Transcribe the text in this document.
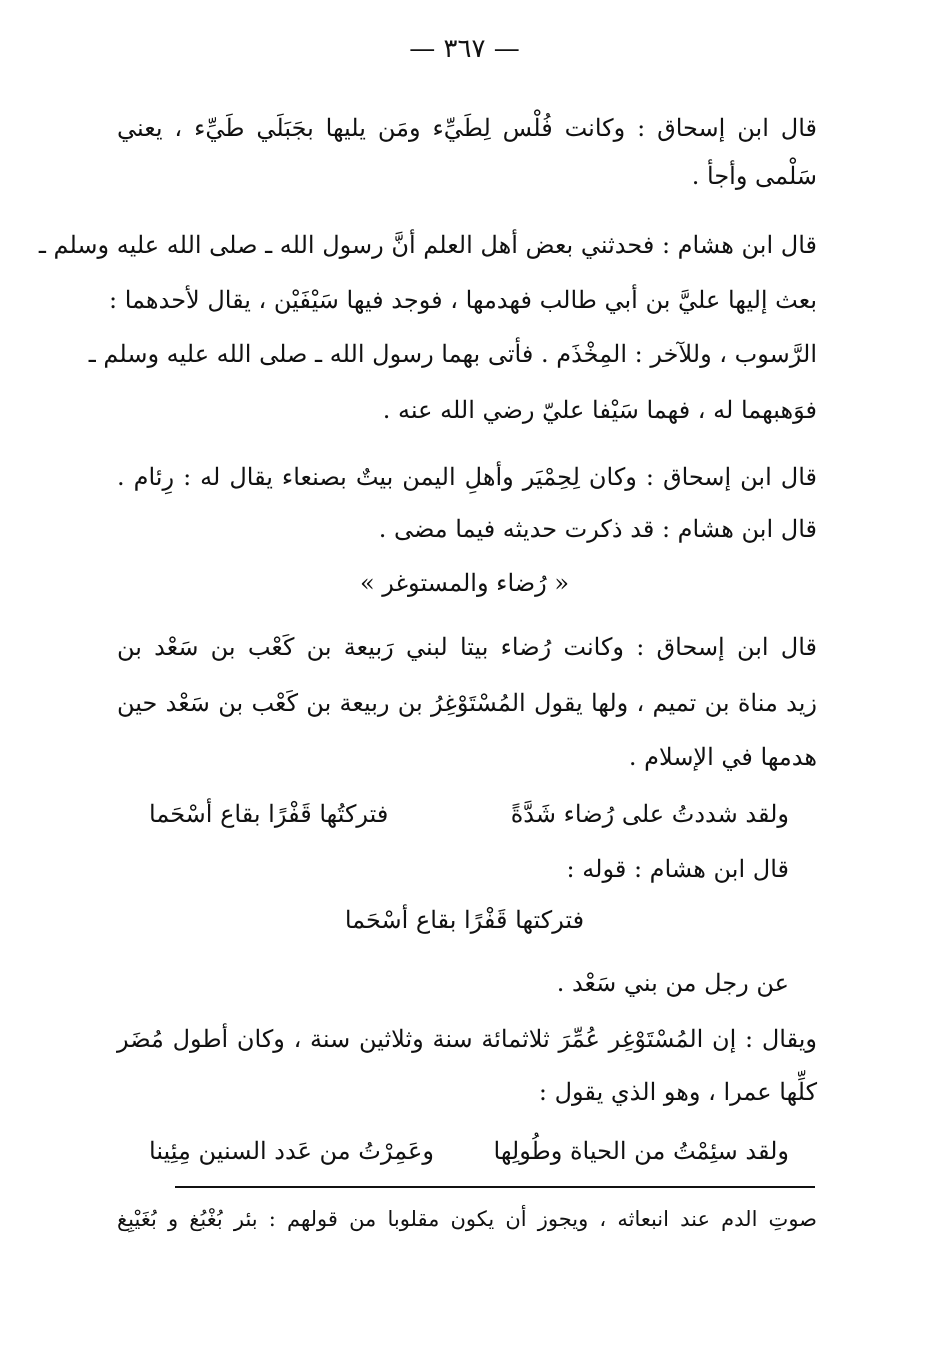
— ٣٦٧ —
قال ابن إسحاق : وكانت فُلْس لِطَيِّء ومَن يليها بجَبَلَي طَيِّء ، يعني
سَلْمى وأجأ .
قال ابن هشام : فحدثني بعض أهل العلم أنَّ رسول الله ـ صلى الله عليه وسلم ـ
بعث إليها عليَّ بن أبي طالب فهدمها ، فوجد فيها سَيْفَيْن ، يقال لأحدهما :
الرَّسوب ، وللآخر : المِخْذَم . فأتى بهما رسول الله ـ صلى الله عليه وسلم ـ
فوَهبهما له ، فهما سَيْفا عليّ رضي الله عنه .
قال ابن إسحاق : وكان لِحِمْيَر وأهلِ اليمن بيتٌ بصنعاء يقال له : رِئام .
قال ابن هشام : قد ذكرت حديثه فيما مضى .
« رُضاء والمستوغر »
قال ابن إسحاق : وكانت رُضاء بيتا لبني رَبيعة بن كَعْب بن سَعْد بن
زيد مناة بن تميم ، ولها يقول المُسْتَوْغِرُ بن ربيعة بن كَعْب بن سَعْد حين
هدمها في الإسلام .
ولقد شددتُ على رُضاء شَدَّةً
فتركتُها قَفْرًا بقاع أسْحَما
قال ابن هشام : قوله :
فتركتها قَفْرًا بقاع أسْحَما
عن رجل من بني سَعْد .
ويقال : إن المُسْتَوْغِر عُمِّرَ ثلاثمائة سنة وثلاثين سنة ، وكان أطول مُضَر
كلِّها عمرا ، وهو الذي يقول :
ولقد سئِمْتُ من الحياة وطُولِها
وعَمِرْتُ من عَدد السنين مِئِينا
صوتِ الدم عند انبعاثه ، ويجوز أن يكون مقلوبا من قولهم : بئر بُغْبُغ و بُغَيْبِغ
